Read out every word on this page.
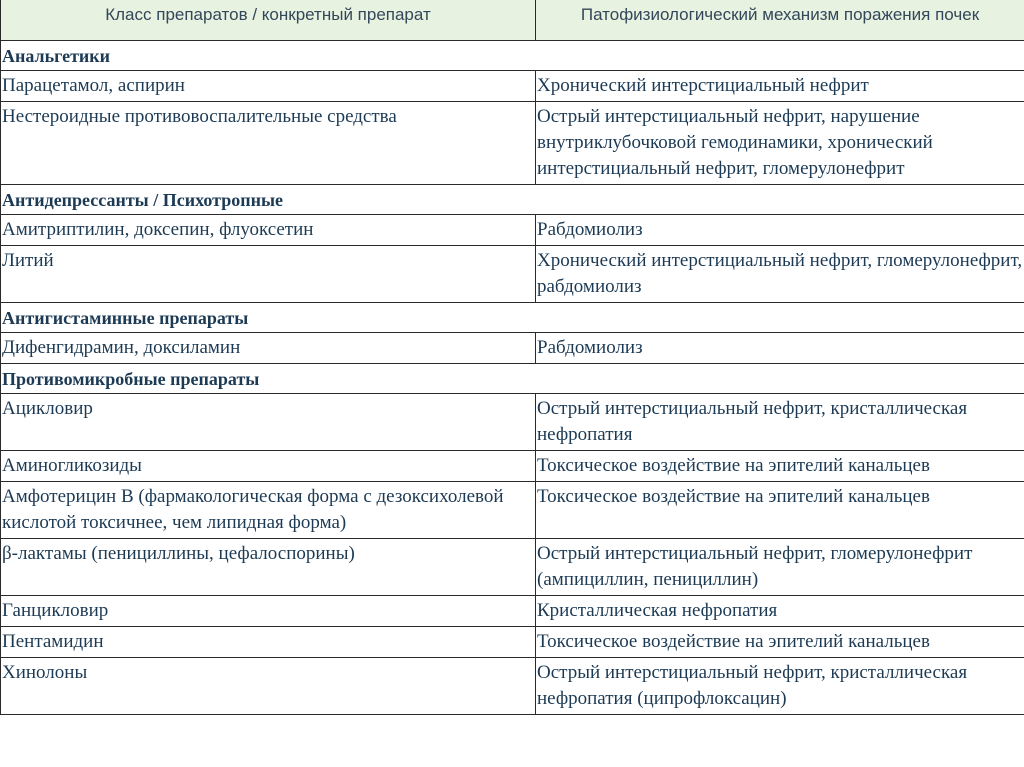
Класс препаратов / конкретный препарат	Патофизиологический механизм поражения почек
Анальгетики	
Парацетамол, аспирин	Хронический интерстициальный нефрит
Нестероидные противовоспалительные средства	Острый интерстициальный нефрит, нарушение внутриклубочковой гемодинамики, хронический интерстициальный нефрит, гломерулонефрит
Антидепрессанты / Психотропные	
Амитриптилин, доксепин, флуоксетин	Рабдомиолиз
Литий	Хронический интерстициальный нефрит, гломерулонефрит, рабдомиолиз
Антигистаминные препараты	
Дифенгидрамин, доксиламин	Рабдомиолиз
Противомикробные препараты	
Ацикловир	Острый интерстициальный нефрит, кристаллическая нефропатия
Аминогликозиды	Токсическое воздействие на эпителий канальцев
Амфотерицин В (фармакологическая форма с дезоксихолевой кислотой токсичнее, чем липидная форма)	Токсическое воздействие на эпителий канальцев
β-лактамы (пенициллины, цефалоспорины)	Острый интерстициальный нефрит, гломерулонефрит (ампициллин, пенициллин)
Ганцикловир	Кристаллическая нефропатия
Пентамидин	Токсическое воздействие на эпителий канальцев
Хинолоны	Острый интерстициальный нефрит, кристаллическая нефропатия (ципрофлоксацин)
